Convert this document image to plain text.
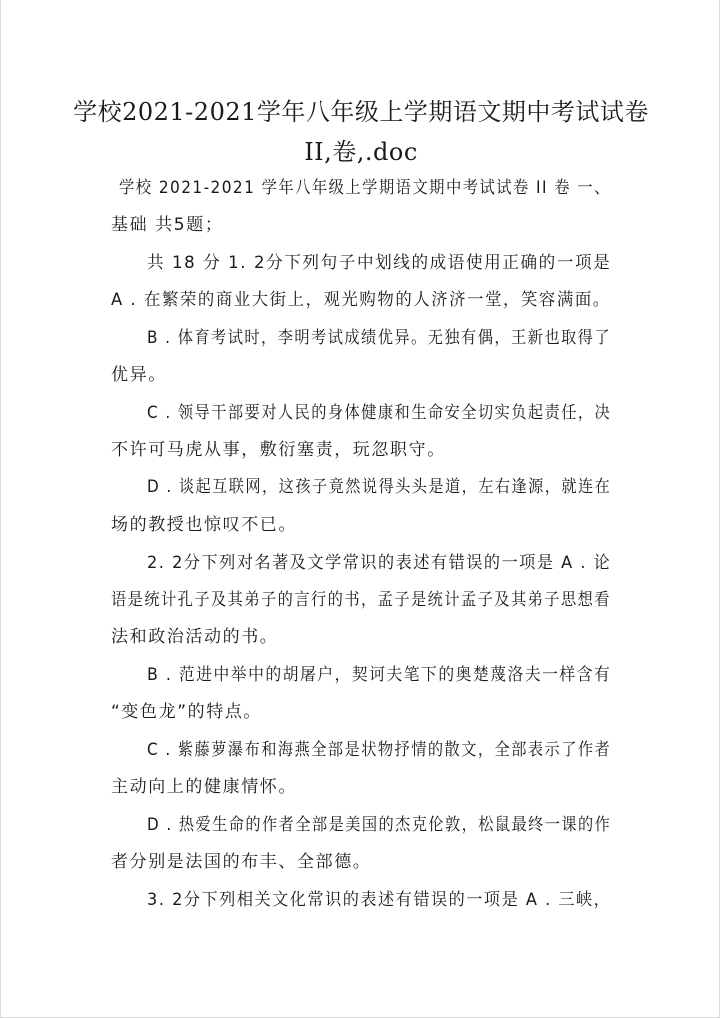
学校2021-2021学年八年级上学期语文期中考试试卷
II,卷,.doc
学校 2021-2021 学年八年级上学期语文期中考试试卷 II 卷 一、
基础 共5题；
共 18 分 1. 2分下列句子中划线的成语使用正确的一项是
A . 在繁荣的商业大街上，观光购物的人济济一堂，笑容满面。
B . 体育考试时，李明考试成绩优异。无独有偶，王新也取得了
优异。
C . 领导干部要对人民的身体健康和生命安全切实负起责任，决
不许可马虎从事，敷衍塞责，玩忽职守。
D . 谈起互联网，这孩子竟然说得头头是道，左右逢源，就连在
场的教授也惊叹不已。
2. 2分下列对名著及文学常识的表述有错误的一项是 A . 论
语是统计孔子及其弟子的言行的书，孟子是统计孟子及其弟子思想看
法和政治活动的书。
B . 范进中举中的胡屠户，契诃夫笔下的奥楚蔑洛夫一样含有
“变色龙”的特点。
C . 紫藤萝瀑布和海燕全部是状物抒情的散文，全部表示了作者
主动向上的健康情怀。
D . 热爱生命的作者全部是美国的杰克伦敦，松鼠最终一课的作
者分别是法国的布丰、全部德。
3. 2分下列相关文化常识的表述有错误的一项是 A . 三峡，
